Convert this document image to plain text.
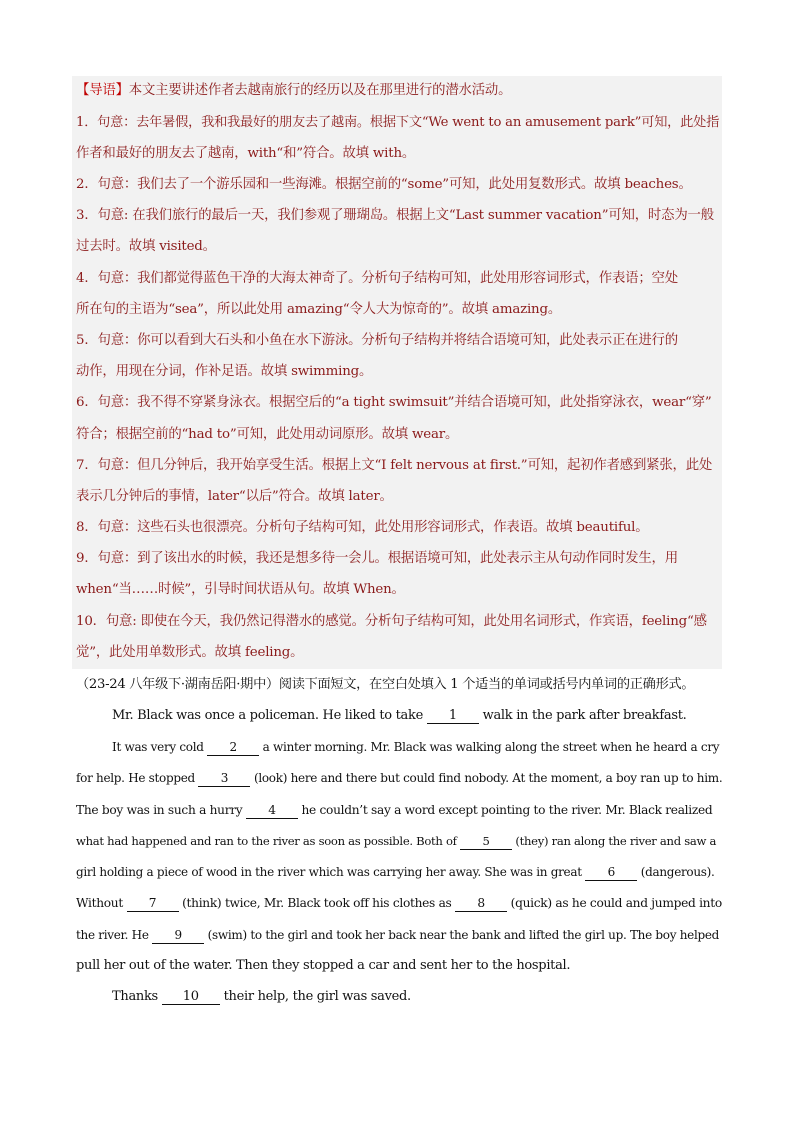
【导语】本文主要讲述作者去越南旅行的经历以及在那里进行的潜水活动。
1．句意：去年暑假，我和我最好的朋友去了越南。根据下文“We went to an amusement park”可知，此处指
作者和最好的朋友去了越南，with“和”符合。故填 with。
2．句意：我们去了一个游乐园和一些海滩。根据空前的“some”可知，此处用复数形式。故填 beaches。
3．句意: 在我们旅行的最后一天，我们参观了珊瑚岛。根据上文“Last summer vacation”可知，时态为一般
过去时。故填 visited。
4．句意：我们都觉得蓝色干净的大海太神奇了。分析句子结构可知，此处用形容词形式，作表语；空处
所在句的主语为“sea”，所以此处用 amazing“令人大为惊奇的”。故填 amazing。
5．句意：你可以看到大石头和小鱼在水下游泳。分析句子结构并将结合语境可知，此处表示正在进行的
动作，用现在分词，作补足语。故填 swimming。
6．句意：我不得不穿紧身泳衣。根据空后的“a tight swimsuit”并结合语境可知，此处指穿泳衣，wear“穿”
符合；根据空前的“had to”可知，此处用动词原形。故填 wear。
7．句意：但几分钟后，我开始享受生活。根据上文“I felt nervous at first.”可知，起初作者感到紧张，此处
表示几分钟后的事情，later“以后”符合。故填 later。
8．句意：这些石头也很漂亮。分析句子结构可知，此处用形容词形式，作表语。故填 beautiful。
9．句意：到了该出水的时候，我还是想多待一会儿。根据语境可知，此处表示主从句动作同时发生，用
when“当……时候”，引导时间状语从句。故填 When。
10．句意: 即使在今天，我仍然记得潜水的感觉。分析句子结构可知，此处用名词形式，作宾语，feeling“感
觉”，此处用单数形式。故填 feeling。
（23-24 八年级下·湖南岳阳·期中）阅读下面短文，在空白处填入 1 个适当的单词或括号内单词的正确形式。
Mr. Black was once a policeman. He liked to take 1 walk in the park after breakfast.
It was very cold 2 a winter morning. Mr. Black was walking along the street when he heard a cry
for help. He stopped 3 (look) here and there but could find nobody. At the moment, a boy ran up to him.
The boy was in such a hurry 4 he couldn’t say a word except pointing to the river. Mr. Black realized
what had happened and ran to the river as soon as possible. Both of 5 (they) ran along the river and saw a
girl holding a piece of wood in the river which was carrying her away. She was in great 6 (dangerous).
Without 7 (think) twice, Mr. Black took off his clothes as 8 (quick) as he could and jumped into
the river. He 9 (swim) to the girl and took her back near the bank and lifted the girl up. The boy helped
pull her out of the water. Then they stopped a car and sent her to the hospital.
Thanks 10 their help, the girl was saved.
